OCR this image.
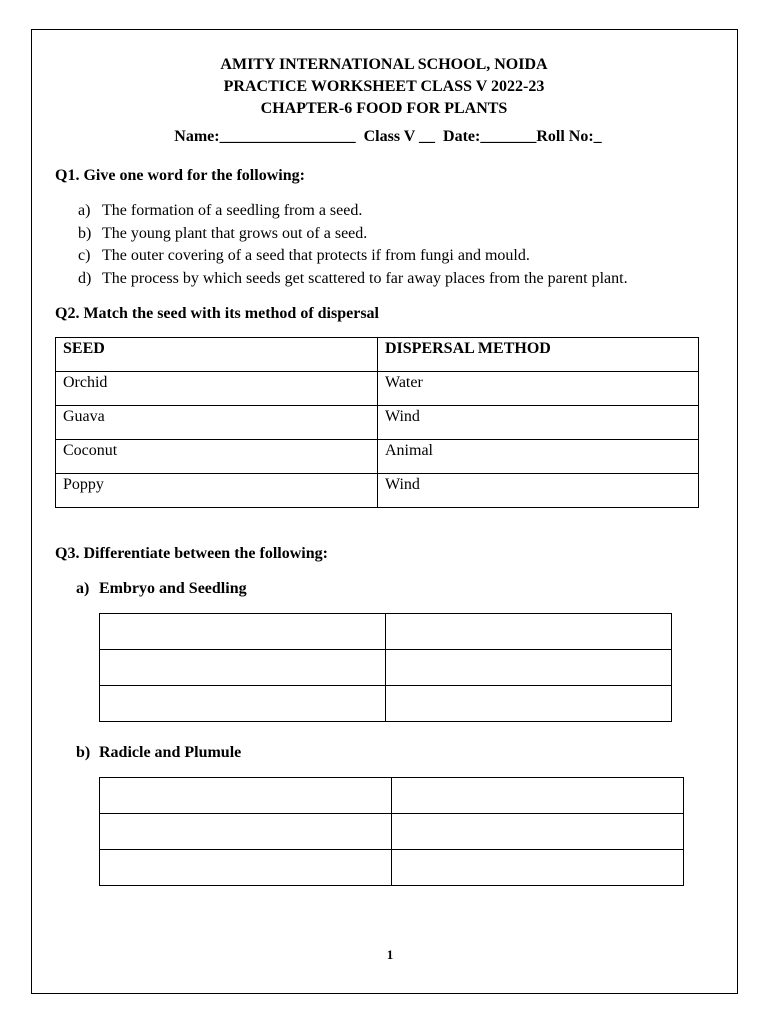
AMITY INTERNATIONAL SCHOOL, NOIDA
PRACTICE WORKSHEET CLASS V 2022-23
CHAPTER-6 FOOD FOR PLANTS
Name:_________________  Class V __  Date:_______Roll No:_
Q1. Give one word for the following:
a) The formation of a seedling from a seed.
b) The young plant that grows out of a seed.
c) The outer covering of a seed that protects if from fungi and mould.
d) The process by which seeds get scattered to far away places from the parent plant.
Q2. Match the seed with its method of dispersal
SEED	DISPERSAL METHOD
Orchid	Water
Guava	Wind
Coconut	Animal
Poppy	Wind
Q3. Differentiate between the following:
a) Embryo and Seedling

b) Radicle and Plumule

1
